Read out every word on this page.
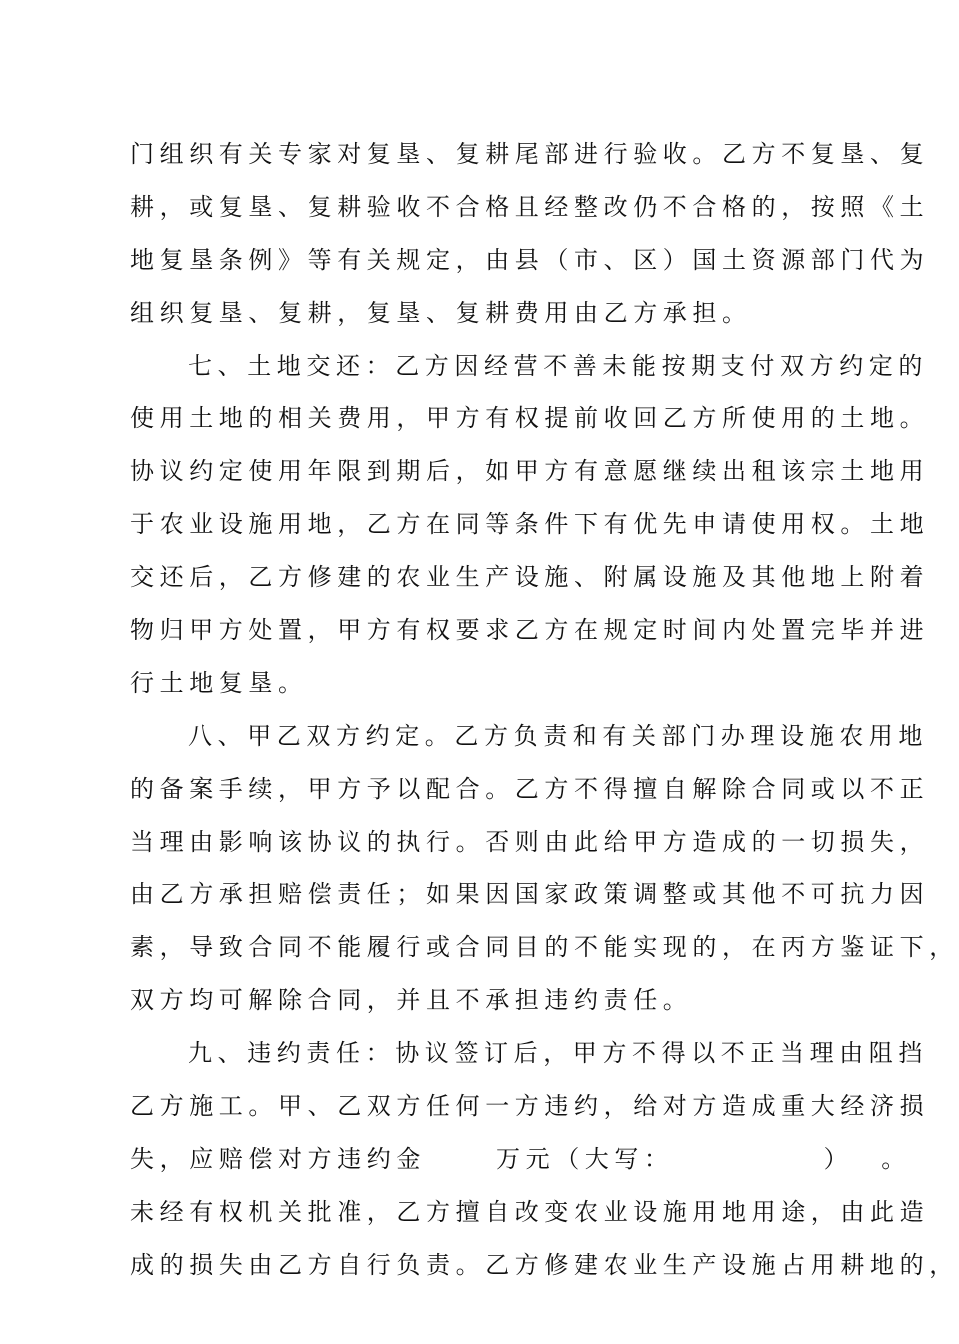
门组织有关专家对复垦、复耕尾部进行验收。乙方不复垦、复
耕，或复垦、复耕验收不合格且经整改仍不合格的，按照《土
地复垦条例》等有关规定，由县（市、区）国土资源部门代为
组织复垦、复耕，复垦、复耕费用由乙方承担。
七、土地交还：乙方因经营不善未能按期支付双方约定的
使用土地的相关费用，甲方有权提前收回乙方所使用的土地。
协议约定使用年限到期后，如甲方有意愿继续出租该宗土地用
于农业设施用地，乙方在同等条件下有优先申请使用权。土地
交还后，乙方修建的农业生产设施、附属设施及其他地上附着
物归甲方处置，甲方有权要求乙方在规定时间内处置完毕并进
行土地复垦。
八、甲乙双方约定。乙方负责和有关部门办理设施农用地
的备案手续，甲方予以配合。乙方不得擅自解除合同或以不正
当理由影响该协议的执行。否则由此给甲方造成的一切损失，
由乙方承担赔偿责任；如果因国家政策调整或其他不可抗力因
素，导致合同不能履行或合同目的不能实现的，在丙方鉴证下，
双方均可解除合同，并且不承担违约责任。
九、违约责任：协议签订后，甲方不得以不正当理由阻挡
乙方施工。甲、乙双方任何一方违约，给对方造成重大经济损
失，应赔偿对方违约金	万元（大写：	） 。
未经有权机关批准，乙方擅自改变农业设施用地用途，由此造
成的损失由乙方自行负责。乙方修建农业生产设施占用耕地的，
